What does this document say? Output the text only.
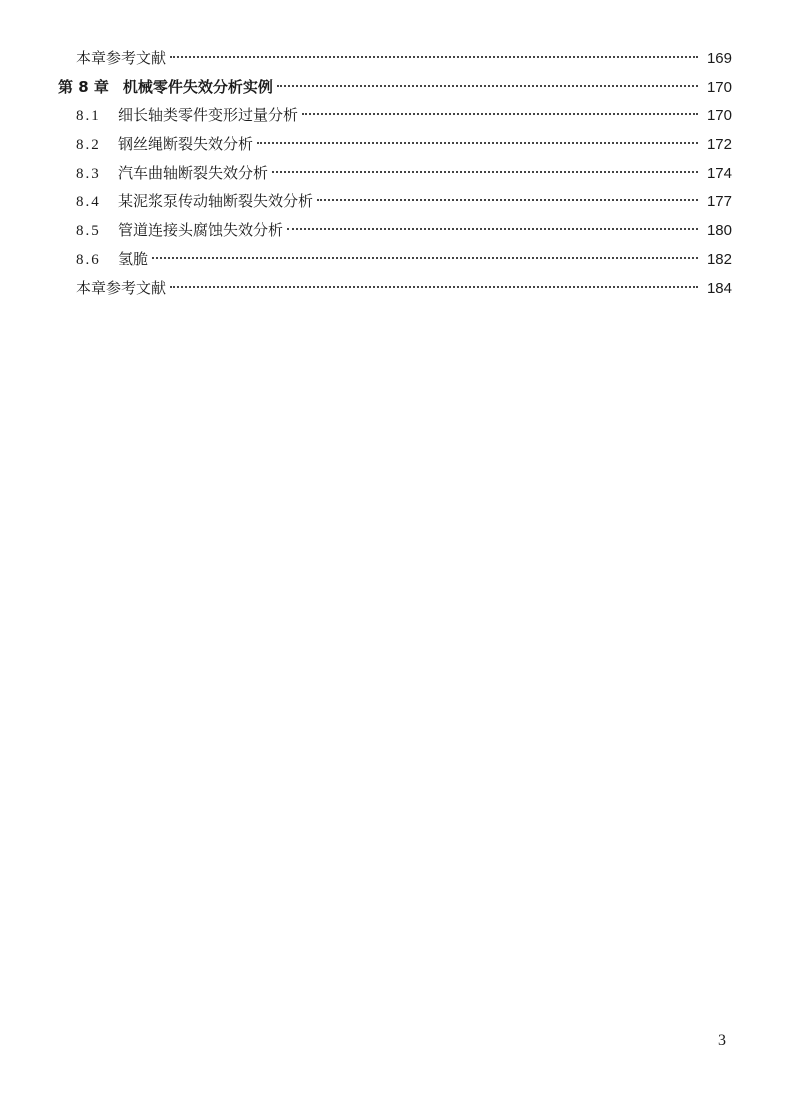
本章参考文献	169
第 8 章 机械零件失效分析实例	170
8.1	细长轴类零件变形过量分析	170
8.2	钢丝绳断裂失效分析	172
8.3	汽车曲轴断裂失效分析	174
8.4	某泥浆泵传动轴断裂失效分析	177
8.5	管道连接头腐蚀失效分析	180
8.6	氢脆	182
本章参考文献	184
3
